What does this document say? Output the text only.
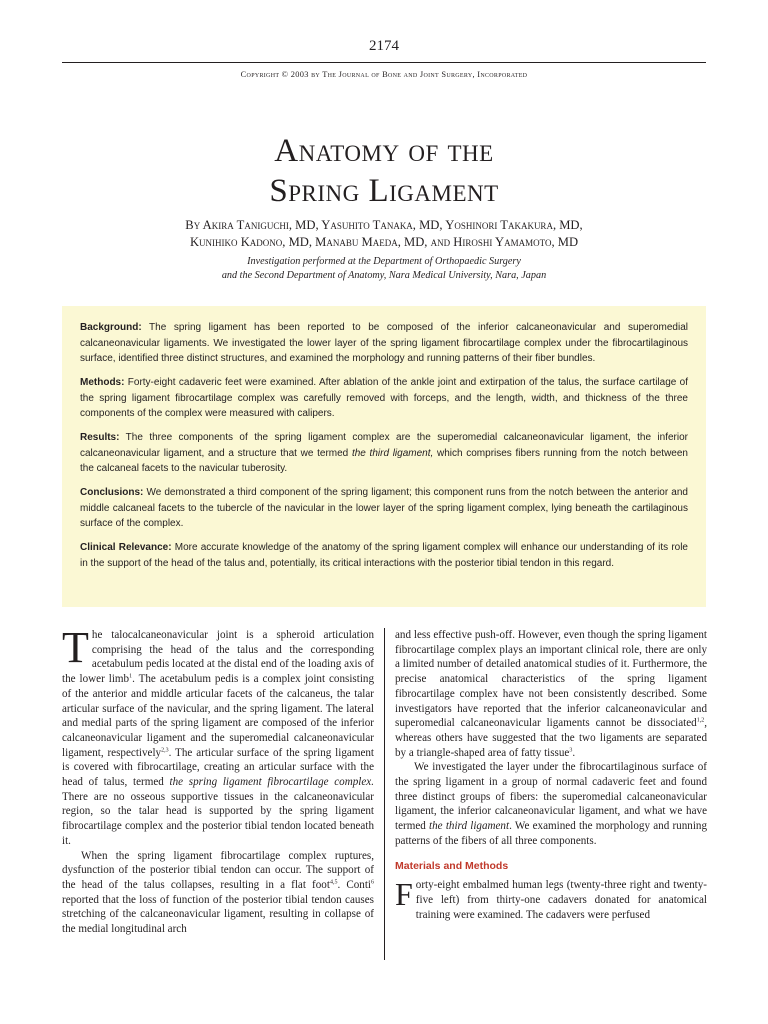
2174
Copyright © 2003 by The Journal of Bone and Joint Surgery, Incorporated
Anatomy of the
Spring Ligament
By Akira Taniguchi, MD, Yasuhito Tanaka, MD, Yoshinori Takakura, MD,
Kunihiko Kadono, MD, Manabu Maeda, MD, and Hiroshi Yamamoto, MD
Investigation performed at the Department of Orthopaedic Surgery
and the Second Department of Anatomy, Nara Medical University, Nara, Japan

Background: The spring ligament has been reported to be composed of the inferior calcaneonavicular and superomedial calcaneonavicular ligaments. We investigated the lower layer of the spring ligament fibrocartilage complex under the fibrocartilaginous surface, identified three distinct structures, and examined the morphology and running patterns of their fiber bundles.

Methods: Forty-eight cadaveric feet were examined. After ablation of the ankle joint and extirpation of the talus, the surface cartilage of the spring ligament fibrocartilage complex was carefully removed with forceps, and the length, width, and thickness of the three components of the complex were measured with calipers.

Results: The three components of the spring ligament complex are the superomedial calcaneonavicular ligament, the inferior calcaneonavicular ligament, and a structure that we termed the third ligament, which comprises fibers running from the notch between the calcaneal facets to the navicular tuberosity.

Conclusions: We demonstrated a third component of the spring ligament; this component runs from the notch between the anterior and middle calcaneal facets to the tubercle of the navicular in the lower layer of the spring ligament complex, lying beneath the cartilaginous surface of the complex.

Clinical Relevance: More accurate knowledge of the anatomy of the spring ligament complex will enhance our understanding of its role in the support of the head of the talus and, potentially, its critical interactions with the posterior tibial tendon in this regard.

The talocalcaneonavicular joint is a spheroid articulation comprising the head of the talus and the corresponding acetabulum pedis located at the distal end of the loading axis of the lower limb$^1$. The acetabulum pedis is a complex joint consisting of the anterior and middle articular facets of the calcaneus, the talar articular surface of the navicular, and the spring ligament. The lateral and medial parts of the spring ligament are composed of the inferior calcaneonavicular ligament and the superomedial calcaneonavicular ligament, respectively$^{2,3}$. The articular surface of the spring ligament is covered with fibrocartilage, creating an articular surface with the head of talus, termed the spring ligament fibrocartilage complex. There are no osseous supportive tissues in the calcaneonavicular region, so the talar head is supported by the spring ligament fibrocartilage complex and the posterior tibial tendon located beneath it.

When the spring ligament fibrocartilage complex ruptures, dysfunction of the posterior tibial tendon can occur. The support of the head of the talus collapses, resulting in a flat foot$^{4,5}$. Conti$^6$ reported that the loss of function of the posterior tibial tendon causes stretching of the calcaneonavicular ligament, resulting in collapse of the medial longitudinal arch

and less effective push-off. However, even though the spring ligament fibrocartilage complex plays an important clinical role, there are only a limited number of detailed anatomical studies of it. Furthermore, the precise anatomical characteristics of the spring ligament fibrocartilage complex have not been consistently described. Some investigators have reported that the inferior calcaneonavicular and superomedial calcaneonavicular ligaments cannot be dissociated$^{1,2}$, whereas others have suggested that the two ligaments are separated by a triangle-shaped area of fatty tissue$^3$.

We investigated the layer under the fibrocartilaginous surface of the spring ligament in a group of normal cadaveric feet and found three distinct groups of fibers: the superomedial calcaneonavicular ligament, the inferior calcaneonavicular ligament, and what we have termed the third ligament. We examined the morphology and running patterns of the fibers of all three components.

Materials and Methods

Forty-eight embalmed human legs (twenty-three right and twenty-five left) from thirty-one cadavers donated for anatomical training were examined. The cadavers were perfused
